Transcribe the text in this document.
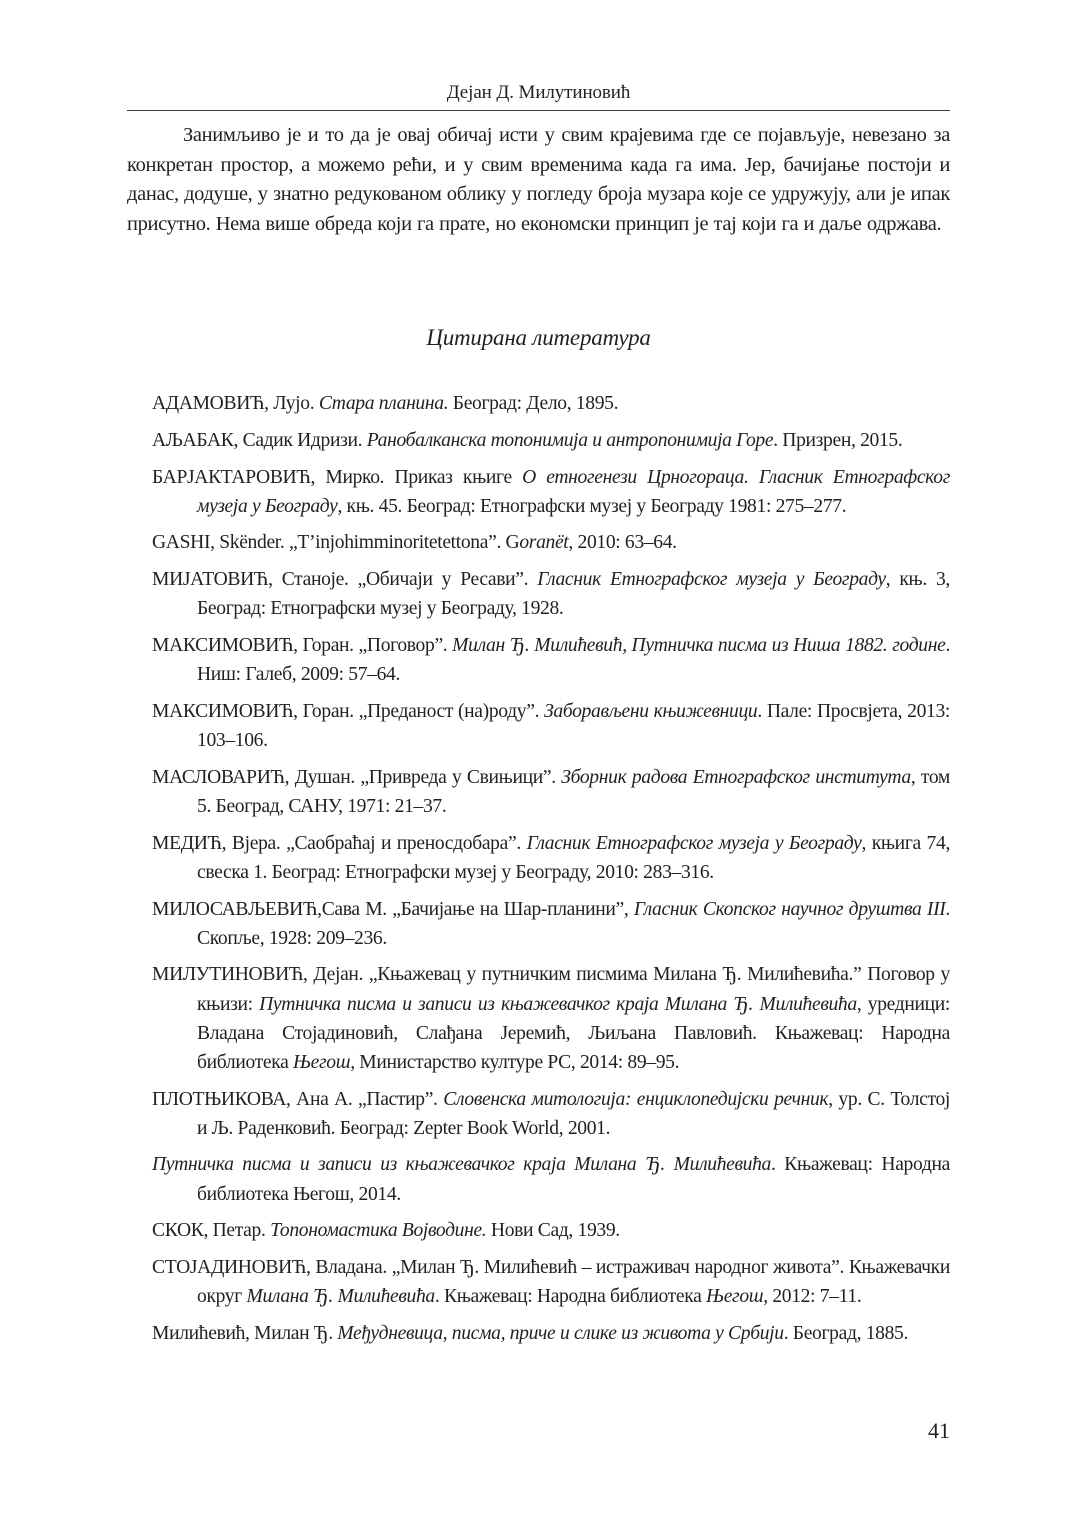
Дејан Д. Милутиновић

Занимљиво је и то да је овај обичај исти у свим крајевима где се појављује, невезано за конкретан простор, а можемо рећи, и у свим временима када га има. Јер, бачијање постоји и данас, додуше, у знатно редукованом облику у погледу броја музара које се удружују, али је ипак присутно. Нема више обреда који га прате, но економски принцип је тај који га и даље одржава.

Цитирана литература
АДАМОВИЋ, Лујо. Стара планина. Београд: Дело, 1895.
АЉАБАК, Садик Идризи. Ранобалканска топонимија и антропонимија Горе. Призрен, 2015.
БАРЈАКТАРОВИЋ, Мирко. Приказ књиге О етногенези Црногораца. Гласник Етнографског музеја у Београду, књ. 45. Београд: Етнографски музеј у Београду 1981: 275–277.
GASHI, Skënder. „T’injohimminoritetettona”. Goranët, 2010: 63–64.
МИЈАТОВИЋ, Станоје. „Обичаји у Ресави”. Гласник Етнографског музеја у Београду, књ. 3, Београд: Етнографски музеј у Београду, 1928.
МАКСИМОВИЋ, Горан. „Поговор”. Милан Ђ. Милићевић, Путничка писма из Ниша 1882. године. Ниш: Галеб, 2009: 57–64.
МАКСИМОВИЋ, Горан. „Преданост (на)роду”. Заборављени књижевници. Пале: Просвјета, 2013: 103–106.
МАСЛОВАРИЋ, Душан. „Привреда у Свињици”. Зборник радова Етнографског института, том 5. Београд, САНУ, 1971: 21–37.
МЕДИЋ, Вјера. „Саобраћај и преносдобара”. Гласник Етнографског музеја у Београду, књига 74, свеска 1. Београд: Етнографски музеј у Београду, 2010: 283–316.
МИЛОСАВЉЕВИЋ,Сава М. „Бачијање на Шар-планини”, Гласник Скопског научног друштва III. Скопље, 1928: 209–236.
МИЛУТИНОВИЋ, Дејан. „Књажевац у путничким писмима Милана Ђ. Милићевића.” Поговор у књизи: Путничка писма и записи из књажевачког краја Милана Ђ. Милићевића, уредници: Владана Стојадиновић, Слађана Јеремић, Љиљана Павловић. Књажевац: Народна библиотека Његош, Министарство културе РС, 2014: 89–95.
ПЛОТЊИКОВА, Ана А. „Пастир”. Словенска митологија: енциклопедијски речник, ур. С. Толстој и Љ. Раденковић. Београд: Zepter Book World, 2001.
Путничка писма и записи из књажевачког краја Милана Ђ. Милићевића. Књажевац: Народна библиотека Његош, 2014.
СКОК, Петар. Топономастика Војводине. Нови Сад, 1939.
СТОЈАДИНОВИЋ, Владана. „Милан Ђ. Милићевић – истраживач народног живота”. Књажевачки округ Милана Ђ. Милићевића. Књажевац: Народна библиотека Његош, 2012: 7–11.
Милићевић, Милан Ђ. Међудневица, писма, приче и слике из живота у Србији. Београд, 1885.
41
